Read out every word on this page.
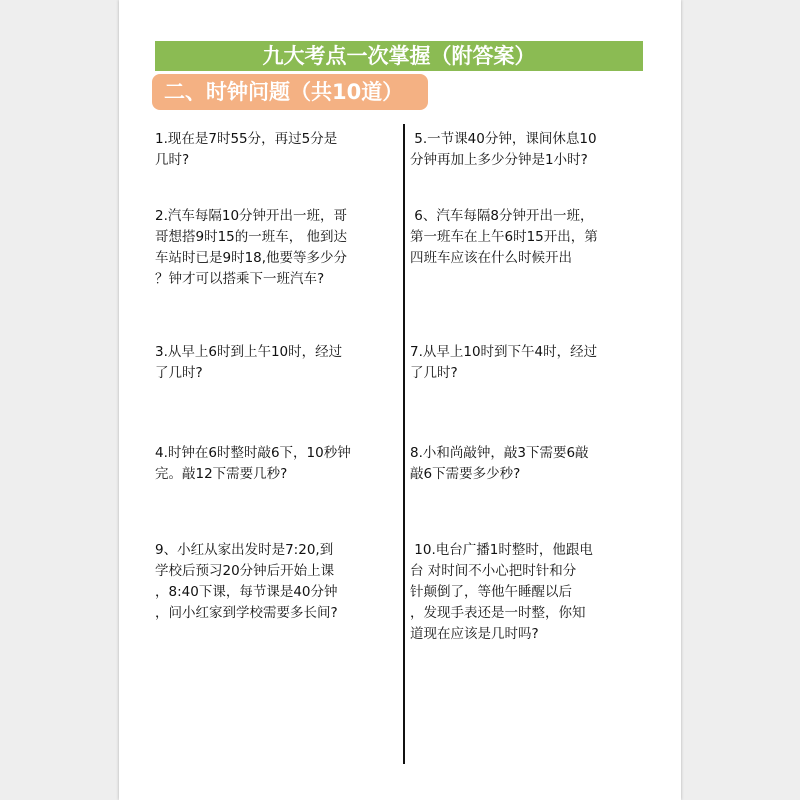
九大考点一次掌握（附答案）
二、时钟问题（共10道）
1.现在是7时55分，再过5分是
几时?
5.一节课40分钟，课间休息10
分钟再加上多少分钟是1小时?
2.汽车每隔10分钟开出一班，哥
哥想搭9时15的一班车， 他到达
车站时已是9时18,他要等多少分
？钟才可以搭乘下一班汽车?
6、汽车每隔8分钟开出一班，
第一班车在上午6时15开出，第
四班车应该在什么时候开出
3.从早上6时到上午10时，经过
了几时?
7.从早上10时到下午4时，经过
了几时?
4.时钟在6时整时敲6下，10秒钟
完。敲12下需要几秒?
8.小和尚敲钟，敲3下需要6敲
敲6下需要多少秒?
9、小红从家出发时是7:20,到
学校后预习20分钟后开始上课
，8:40下课，每节课是40分钟
，问小红家到学校需要多长间?
10.电台广播1时整时，他跟电
台 对时间不小心把时针和分
针颠倒了，等他午睡醒以后
，发现手表还是一时整，你知
道现在应该是几时吗?
